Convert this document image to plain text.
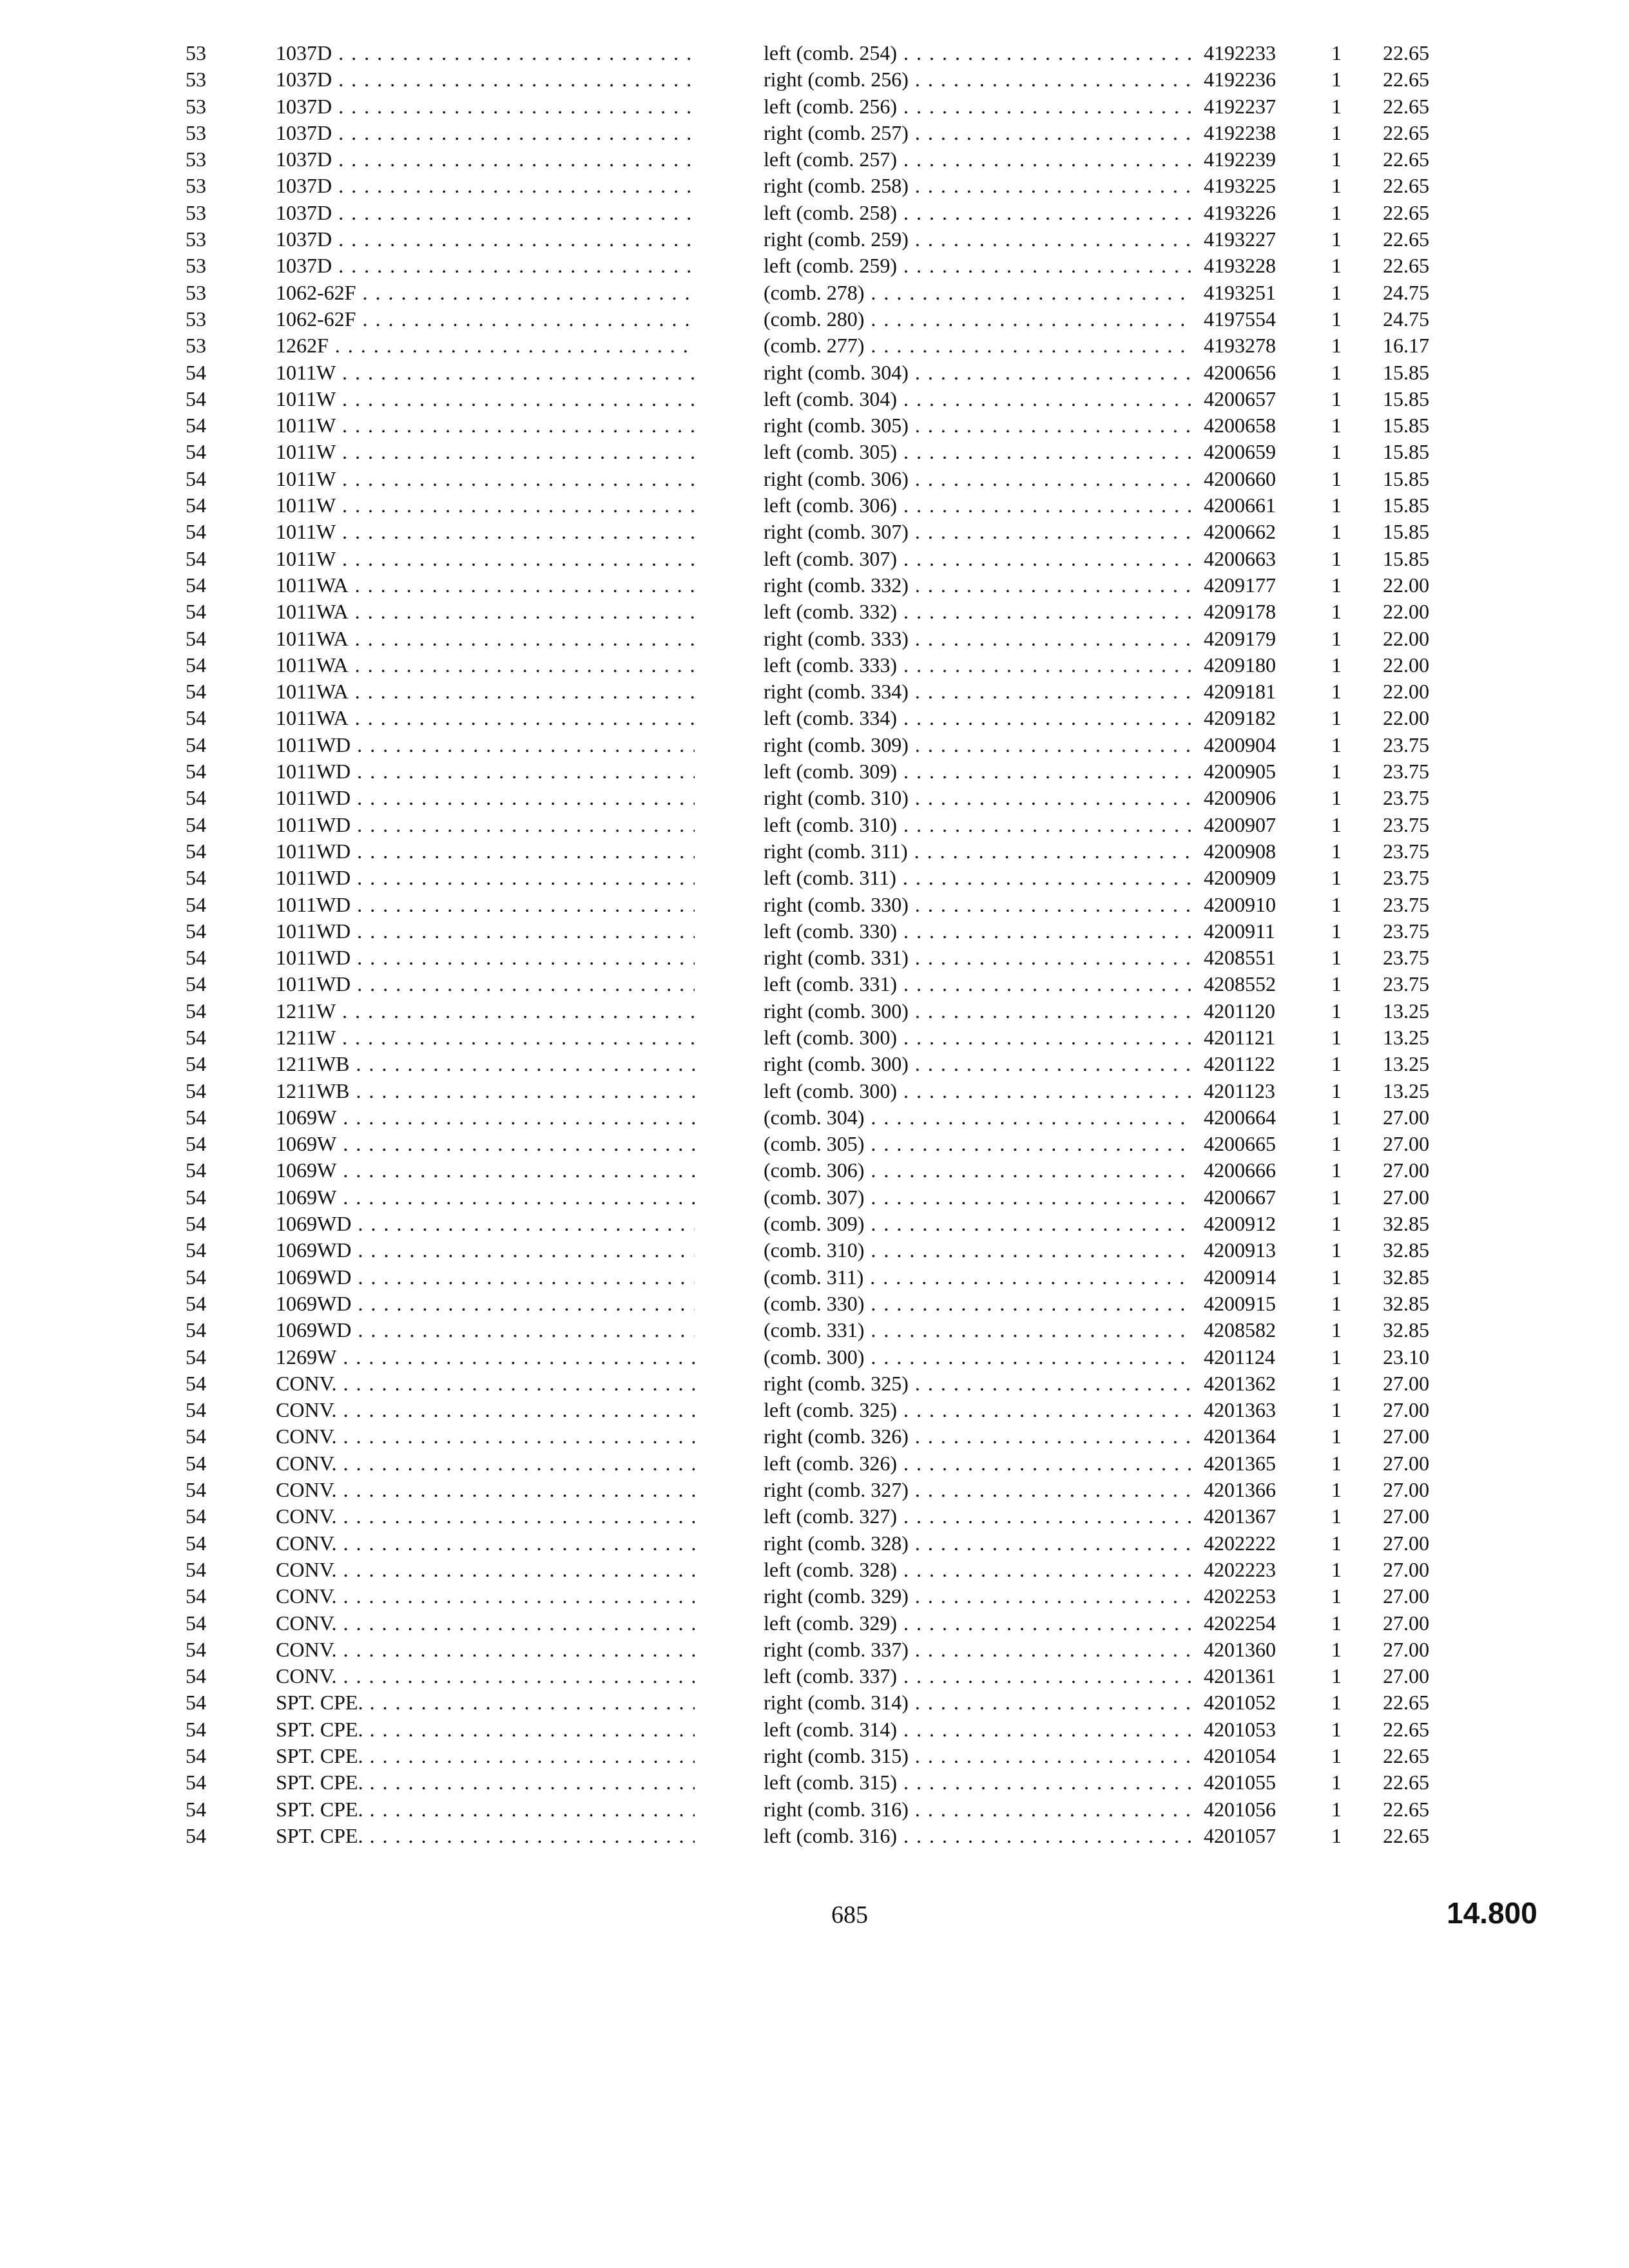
53	1037D . . .	left (comb. 254) . . .	4192233	1	22.65
53	1037D . . .	right (comb. 256) . . .	4192236	1	22.65
53	1037D . . .	left (comb. 256) . . .	4192237	1	22.65
53	1037D . . .	right (comb. 257) . . .	4192238	1	22.65
53	1037D . . .	left (comb. 257) . . .	4192239	1	22.65
53	1037D . . .	right (comb. 258) . . .	4193225	1	22.65
53	1037D . . .	left (comb. 258) . . .	4193226	1	22.65
53	1037D . . .	right (comb. 259) . . .	4193227	1	22.65
53	1037D . . .	left (comb. 259) . . .	4193228	1	22.65
53	1062-62F . . .	(comb. 278) . . .	4193251	1	24.75
53	1062-62F . . .	(comb. 280) . . .	4197554	1	24.75
53	1262F . . .	(comb. 277) . . .	4193278	1	16.17
54	1011W . . .	right (comb. 304) . . .	4200656	1	15.85
54	1011W . . .	left (comb. 304) . . .	4200657	1	15.85
54	1011W . . .	right (comb. 305) . . .	4200658	1	15.85
54	1011W . . .	left (comb. 305) . . .	4200659	1	15.85
54	1011W . . .	right (comb. 306) . . .	4200660	1	15.85
54	1011W . . .	left (comb. 306) . . .	4200661	1	15.85
54	1011W . . .	right (comb. 307) . . .	4200662	1	15.85
54	1011W . . .	left (comb. 307) . . .	4200663	1	15.85
54	1011WA . . .	right (comb. 332) . . .	4209177	1	22.00
54	1011WA . . .	left (comb. 332) . . .	4209178	1	22.00
54	1011WA . . .	right (comb. 333) . . .	4209179	1	22.00
54	1011WA . . .	left (comb. 333) . . .	4209180	1	22.00
54	1011WA . . .	right (comb. 334) . . .	4209181	1	22.00
54	1011WA . . .	left (comb. 334) . . .	4209182	1	22.00
54	1011WD . . .	right (comb. 309) . . .	4200904	1	23.75
54	1011WD . . .	left (comb. 309) . . .	4200905	1	23.75
54	1011WD . . .	right (comb. 310) . . .	4200906	1	23.75
54	1011WD . . .	left (comb. 310) . . .	4200907	1	23.75
54	1011WD . . .	right (comb. 311) . . .	4200908	1	23.75
54	1011WD . . .	left (comb. 311) . . .	4200909	1	23.75
54	1011WD . . .	right (comb. 330) . . .	4200910	1	23.75
54	1011WD . . .	left (comb. 330) . . .	4200911	1	23.75
54	1011WD . . .	right (comb. 331) . . .	4208551	1	23.75
54	1011WD . . .	left (comb. 331) . . .	4208552	1	23.75
54	1211W . . .	right (comb. 300) . . .	4201120	1	13.25
54	1211W . . .	left (comb. 300) . . .	4201121	1	13.25
54	1211WB . . .	right (comb. 300) . . .	4201122	1	13.25
54	1211WB . . .	left (comb. 300) . . .	4201123	1	13.25
54	1069W . . .	(comb. 304) . . .	4200664	1	27.00
54	1069W . . .	(comb. 305) . . .	4200665	1	27.00
54	1069W . . .	(comb. 306) . . .	4200666	1	27.00
54	1069W . . .	(comb. 307) . . .	4200667	1	27.00
54	1069WD . . .	(comb. 309) . . .	4200912	1	32.85
54	1069WD . . .	(comb. 310) . . .	4200913	1	32.85
54	1069WD . . .	(comb. 311) . . .	4200914	1	32.85
54	1069WD . . .	(comb. 330) . . .	4200915	1	32.85
54	1069WD . . .	(comb. 331) . . .	4208582	1	32.85
54	1269W . . .	(comb. 300) . . .	4201124	1	23.10
54	CONV. . . .	right (comb. 325) . . .	4201362	1	27.00
54	CONV. . . .	left (comb. 325) . . .	4201363	1	27.00
54	CONV. . . .	right (comb. 326) . . .	4201364	1	27.00
54	CONV. . . .	left (comb. 326) . . .	4201365	1	27.00
54	CONV. . . .	right (comb. 327) . . .	4201366	1	27.00
54	CONV. . . .	left (comb. 327) . . .	4201367	1	27.00
54	CONV. . . .	right (comb. 328) . . .	4202222	1	27.00
54	CONV. . . .	left (comb. 328) . . .	4202223	1	27.00
54	CONV. . . .	right (comb. 329) . . .	4202253	1	27.00
54	CONV. . . .	left (comb. 329) . . .	4202254	1	27.00
54	CONV. . . .	right (comb. 337) . . .	4201360	1	27.00
54	CONV. . . .	left (comb. 337) . . .	4201361	1	27.00
54	SPT. CPE. . . .	right (comb. 314) . . .	4201052	1	22.65
54	SPT. CPE. . . .	left (comb. 314) . . .	4201053	1	22.65
54	SPT. CPE. . . .	right (comb. 315) . . .	4201054	1	22.65
54	SPT. CPE. . . .	left (comb. 315) . . .	4201055	1	22.65
54	SPT. CPE. . . .	right (comb. 316) . . .	4201056	1	22.65
54	SPT. CPE. . . .	left (comb. 316) . . .	4201057	1	22.65
685	14.800
